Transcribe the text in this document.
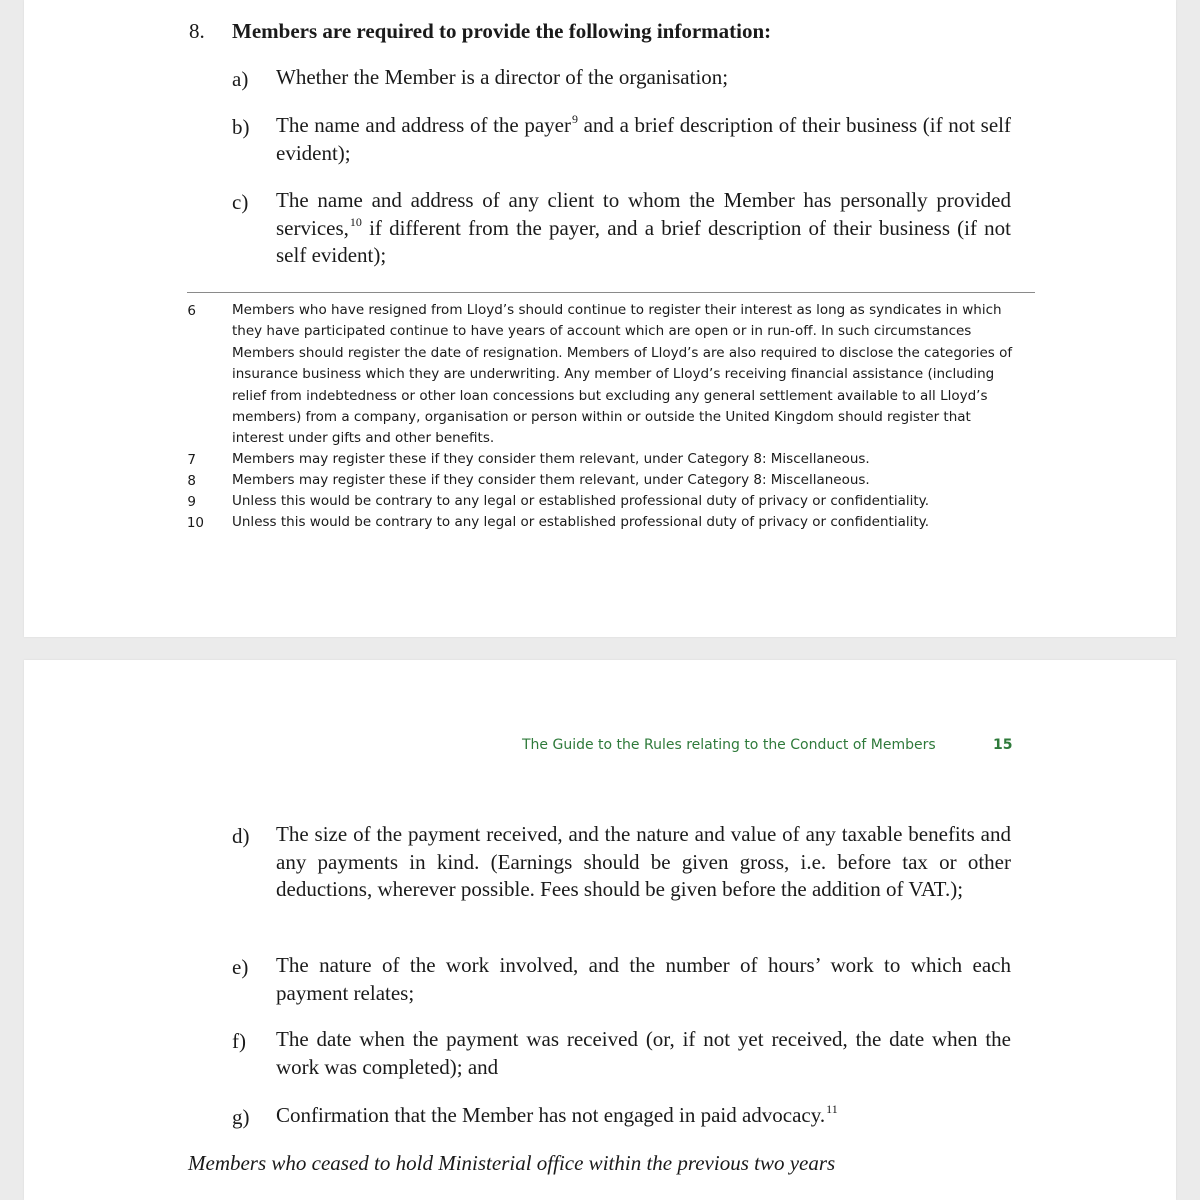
8. Members are required to provide the following information:
a) Whether the Member is a director of the organisation;
b) The name and address of the payer$^9$ and a brief description of their business (if not self evident);
c) The name and address of any client to whom the Member has personally provided services,$^{10}$ if different from the payer, and a brief description of their business (if not self evident);
6	Members who have resigned from Lloyd’s should continue to register their interest as long as syndicates in which they have participated continue to have years of account which are open or in run-off. In such circumstances Members should register the date of resignation. Members of Lloyd’s are also required to disclose the categories of insurance business which they are underwriting. Any member of Lloyd’s receiving financial assistance (including relief from indebtedness or other loan concessions but excluding any general settlement available to all Lloyd’s members) from a company, organisation or person within or outside the United Kingdom should register that interest under gifts and other benefits.
7	Members may register these if they consider them relevant, under Category 8: Miscellaneous.
8	Members may register these if they consider them relevant, under Category 8: Miscellaneous.
9	Unless this would be contrary to any legal or established professional duty of privacy or confidentiality.
10 Unless this would be contrary to any legal or established professional duty of privacy or confidentiality.
The Guide to the Rules relating to the Conduct of Members	15
d) The size of the payment received, and the nature and value of any taxable benefits and any payments in kind. (Earnings should be given gross, i.e. before tax or other deductions, wherever possible. Fees should be given before the addition of VAT.);
e) The nature of the work involved, and the number of hours’ work to which each payment relates;
f) The date when the payment was received (or, if not yet received, the date when the work was completed); and
g) Confirmation that the Member has not engaged in paid advocacy.$^{11}$
Members who ceased to hold Ministerial office within the previous two years
